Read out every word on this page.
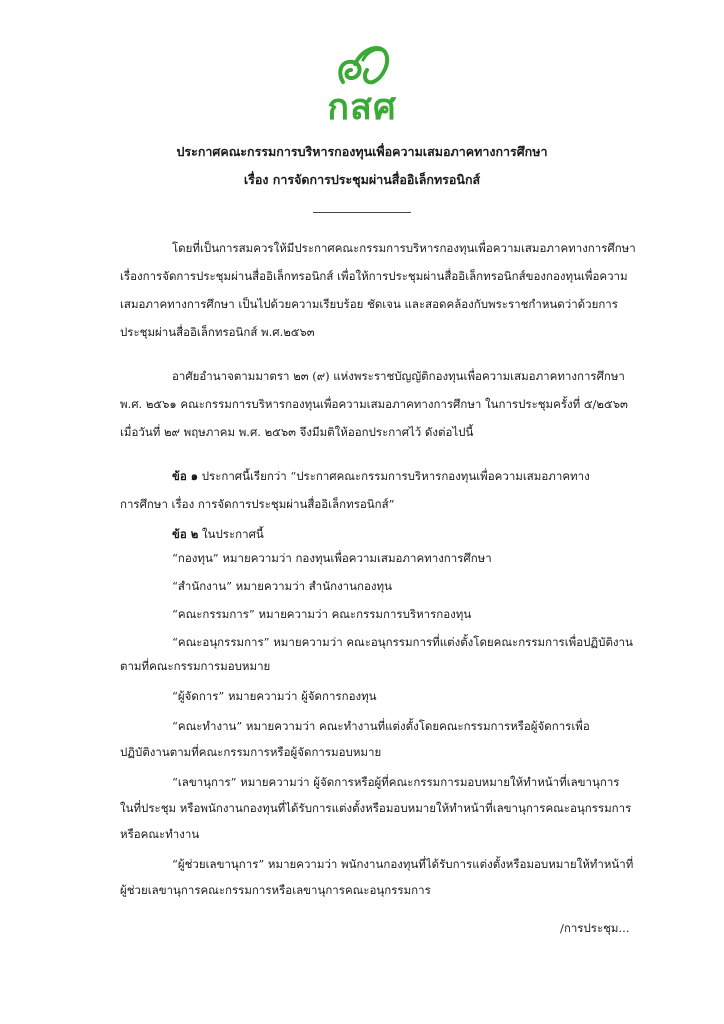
กสศ

ประกาศคณะกรรมการบริหารกองทุนเพื่อความเสมอภาคทางการศึกษา
เรื่อง การจัดการประชุมผ่านสื่ออิเล็กทรอนิกส์

โดยที่เป็นการสมควรให้มีประกาศคณะกรรมการบริหารกองทุนเพื่อความเสมอภาคทางการศึกษา

เรื่องการจัดการประชุมผ่านสื่ออิเล็กทรอนิกส์ เพื่อให้การประชุมผ่านสื่ออิเล็กทรอนิกส์ของกองทุนเพื่อความ

เสมอภาคทางการศึกษา เป็นไปด้วยความเรียบร้อย ชัดเจน และสอดคล้องกับพระราชกำหนดว่าด้วยการ

ประชุมผ่านสื่ออิเล็กทรอนิกส์ พ.ศ.๒๕๖๓

อาศัยอำนาจตามมาตรา ๒๓ (๙) แห่งพระราชบัญญัติกองทุนเพื่อความเสมอภาคทางการศึกษา

พ.ศ. ๒๕๖๑ คณะกรรมการบริหารกองทุนเพื่อความเสมอภาคทางการศึกษา ในการประชุมครั้งที่ ๕/๒๕๖๓

เมื่อวันที่ ๒๙ พฤษภาคม พ.ศ. ๒๕๖๓ จึงมีมติให้ออกประกาศไว้ ดังต่อไปนี้

ข้อ ๑ ประกาศนี้เรียกว่า “ประกาศคณะกรรมการบริหารกองทุนเพื่อความเสมอภาคทาง

การศึกษา เรื่อง การจัดการประชุมผ่านสื่ออิเล็กทรอนิกส์”

ข้อ ๒ ในประกาศนี้

“กองทุน” หมายความว่า กองทุนเพื่อความเสมอภาคทางการศึกษา

“สำนักงาน” หมายความว่า สำนักงานกองทุน

“คณะกรรมการ” หมายความว่า คณะกรรมการบริหารกองทุน

“คณะอนุกรรมการ” หมายความว่า คณะอนุกรรมการที่แต่งตั้งโดยคณะกรรมการเพื่อปฏิบัติงาน

ตามที่คณะกรรมการมอบหมาย

“ผู้จัดการ” หมายความว่า ผู้จัดการกองทุน

“คณะทำงาน” หมายความว่า คณะทำงานที่แต่งตั้งโดยคณะกรรมการหรือผู้จัดการเพื่อ

ปฏิบัติงานตามที่คณะกรรมการหรือผู้จัดการมอบหมาย

“เลขานุการ” หมายความว่า ผู้จัดการหรือผู้ที่คณะกรรมการมอบหมายให้ทำหน้าที่เลขานุการ

ในที่ประชุม หรือพนักงานกองทุนที่ได้รับการแต่งตั้งหรือมอบหมายให้ทำหน้าที่เลขานุการคณะอนุกรรมการ

หรือคณะทำงาน

“ผู้ช่วยเลขานุการ” หมายความว่า พนักงานกองทุนที่ได้รับการแต่งตั้งหรือมอบหมายให้ทำหน้าที่

ผู้ช่วยเลขานุการคณะกรรมการหรือเลขานุการคณะอนุกรรมการ

/การประชุม...
